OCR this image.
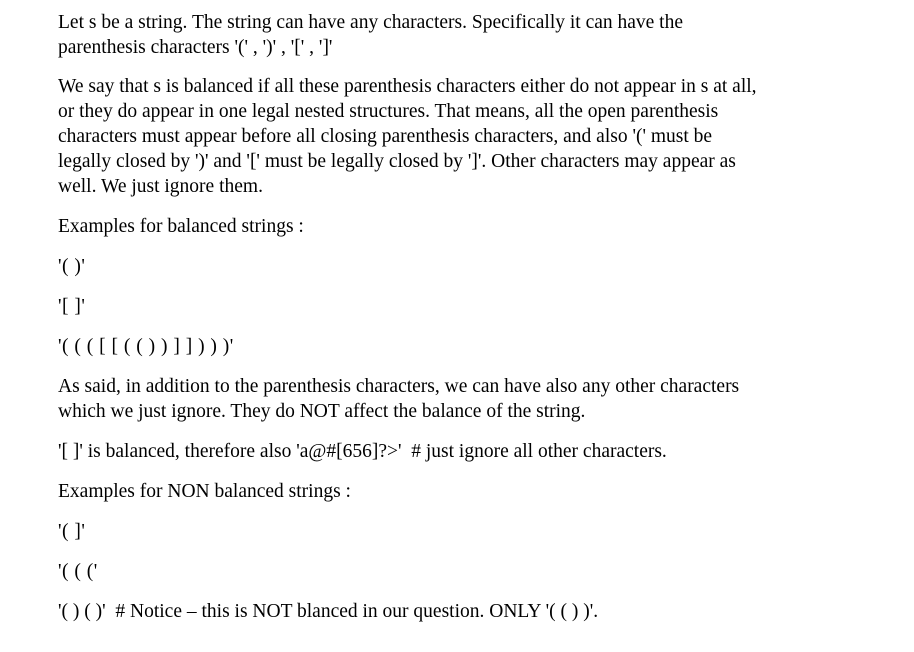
Let s be a string. The string can have any characters. Specifically it can have the
parenthesis characters '(' , ')' , '[' , ']'

We say that s is balanced if all these parenthesis characters either do not appear in s at all,
or they do appear in one legal nested structures. That means, all the open parenthesis
characters must appear before all closing parenthesis characters, and also '(' must be
legally closed by ')' and '[' must be legally closed by ']'. Other characters may appear as
well. We just ignore them.

Examples for balanced strings :

'( )'

'[ ]'

'( ( ( [ [ ( ( ) ) ] ] ) ) )'

As said, in addition to the parenthesis characters, we can have also any other characters
which we just ignore. They do NOT affect the balance of the string.

'[ ]' is balanced, therefore also 'a@#[656]?>'  # just ignore all other characters.

Examples for NON balanced strings :

'( ]'

'( ( ('

'( ) ( )'  # Notice – this is NOT blanced in our question. ONLY '( ( ) )'.
